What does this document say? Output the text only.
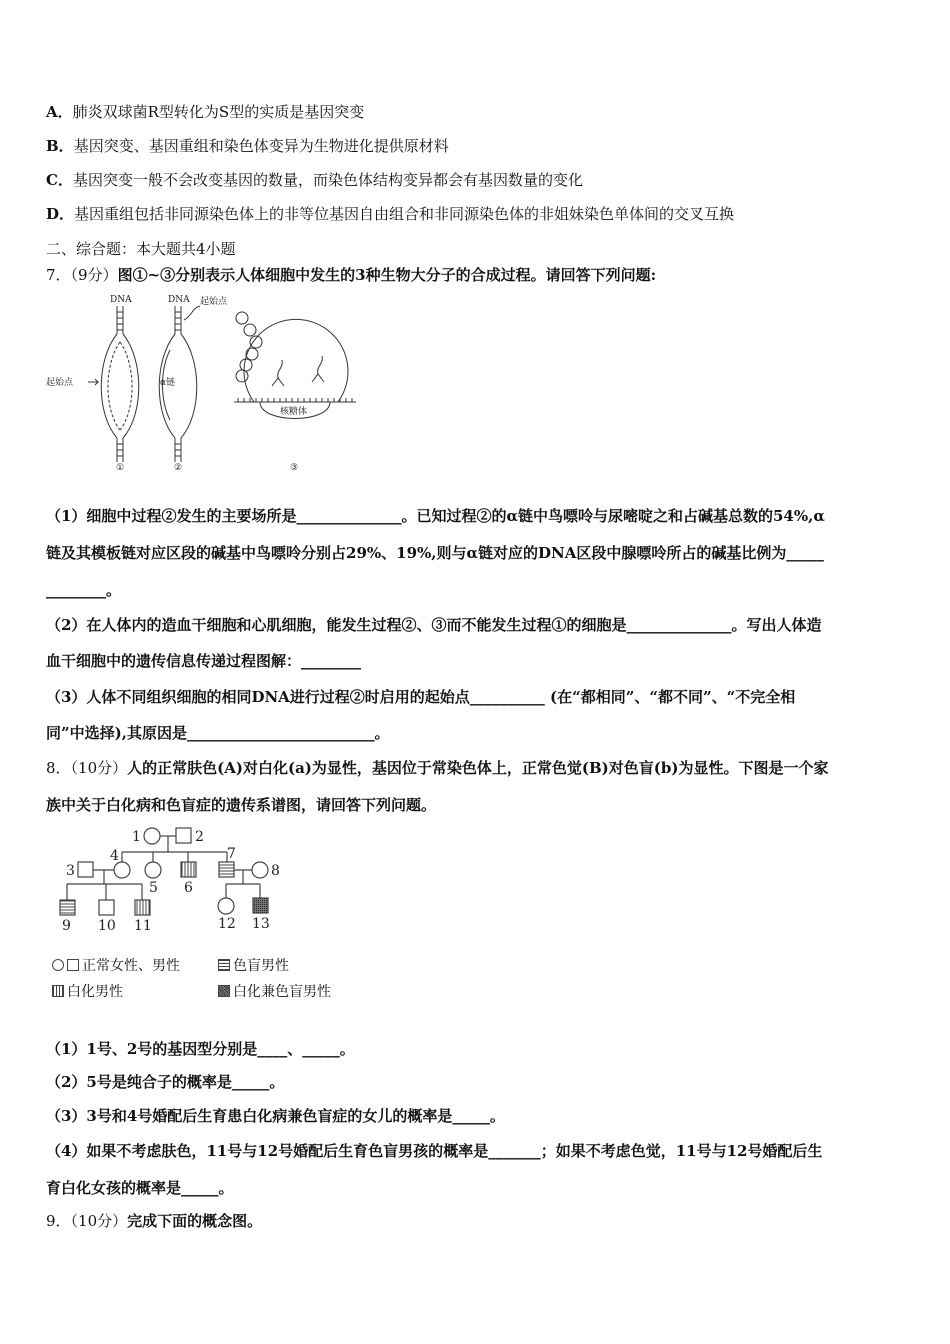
A．肺炎双球菌R型转化为S型的实质是基因突变
B．基因突变、基因重组和染色体变异为生物进化提供原材料
C．基因突变一般不会改变基因的数量，而染色体结构变异都会有基因数量的变化
D．基因重组包括非同源染色体上的非等位基因自由组合和非同源染色体的非姐妹染色单体间的交叉互换
二、综合题：本大题共4小题
7．（9分）图①~③分别表示人体细胞中发生的3种生物大分子的合成过程。请回答下列问题:
DNA
起始点
①
DNA 起始点
α链
②
核糖体
③
（1）细胞中过程②发生的主要场所是______________。已知过程②的α链中鸟嘌呤与尿嘧啶之和占碱基总数的54%,α
链及其模板链对应区段的碱基中鸟嘌呤分别占29%、19%,则与α链对应的DNA区段中腺嘌呤所占的碱基比例为_____
________。
（2）在人体内的造血干细胞和心肌细胞，能发生过程②、③而不能发生过程①的细胞是______________。写出人体造
血干细胞中的遗传信息传递过程图解：________
（3）人体不同组织细胞的相同DNA进行过程②时启用的起始点__________ (在“都相同”、“都不同”、“不完全相
同”中选择),其原因是_________________________。
8．（10分）人的正常肤色(A)对白化(a)为显性，基因位于常染色体上，正常色觉(B)对色盲(b)为显性。下图是一个家
族中关于白化病和色盲症的遗传系谱图，请回答下列问题。
1	2
3
4
5 6
7
8
9 10 11	12 13
正常女性、男性	色盲男性
白化男性	白化兼色盲男性
（1）1号、2号的基因型分别是____、_____。
（2）5号是纯合子的概率是_____。
（3）3号和4号婚配后生育患白化病兼色盲症的女儿的概率是_____。
（4）如果不考虑肤色，11号与12号婚配后生育色盲男孩的概率是_______；如果不考虑色觉，11号与12号婚配后生
育白化女孩的概率是_____。
9．（10分）完成下面的概念图。
